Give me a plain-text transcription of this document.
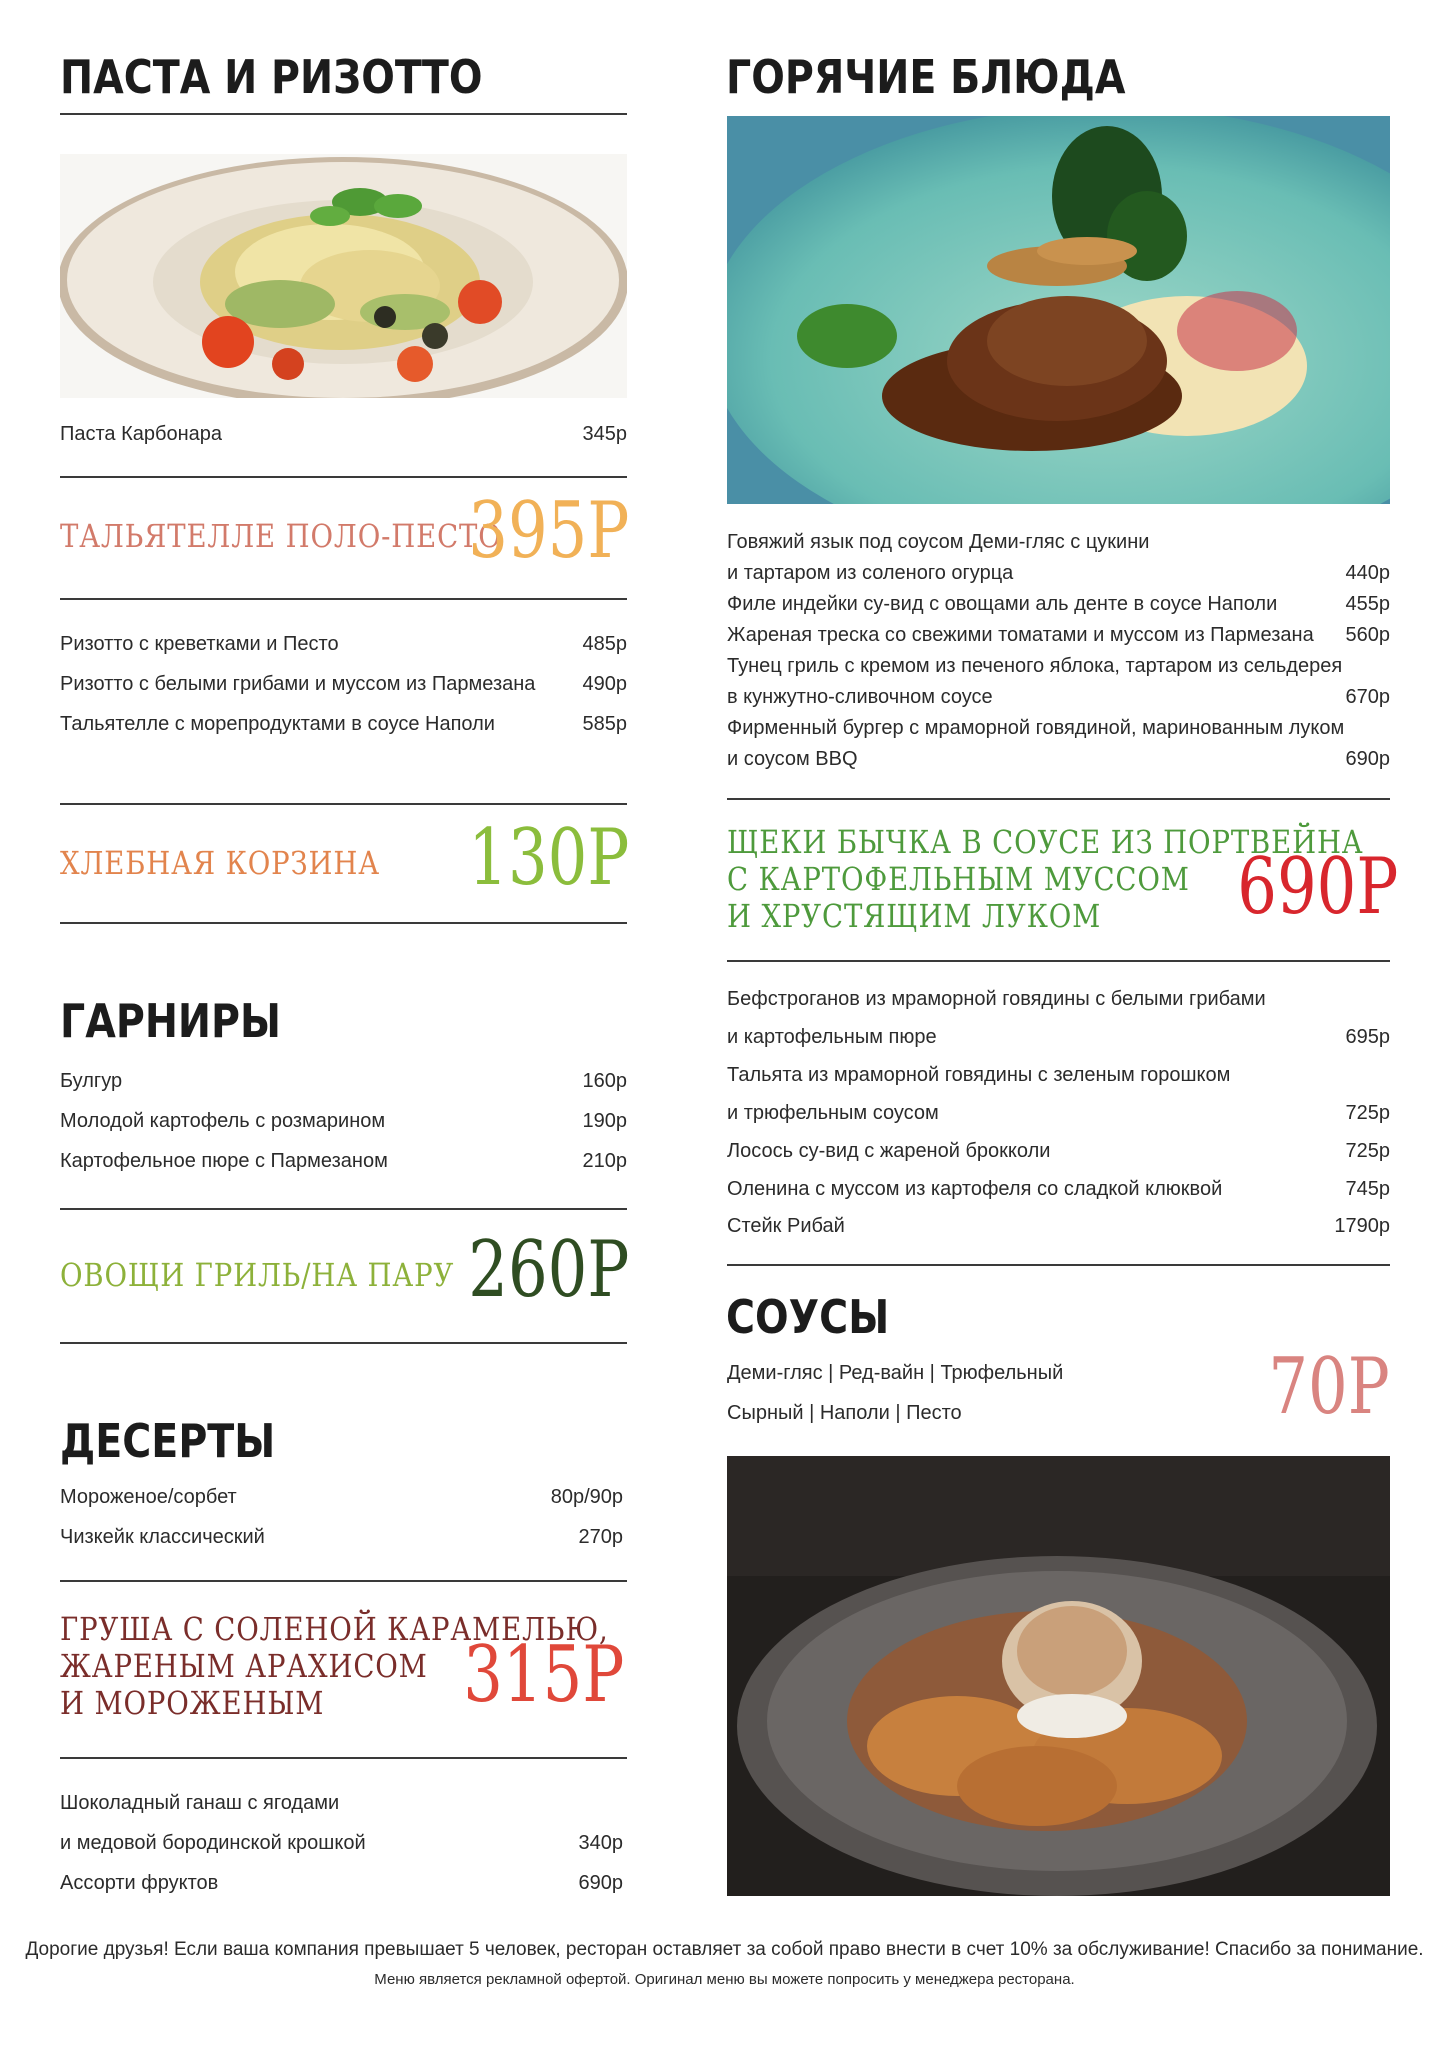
ПАСТА И РИЗОТТО
Паста Карбонара	345р
ТАЛЬЯТЕЛЛЕ ПОЛО-ПЕСТО
395Р
Ризотто с креветками и Песто	485р
Ризотто с белыми грибами и муссом из Пармезана 490р
Тальятелле с морепродуктами в соусе Наполи	585р
ХЛЕБНАЯ КОРЗИНА 130Р
ГАРНИРЫ
Булгур	160р
Молодой картофель с розмарином	190р
Картофельное пюре с Пармезаном	210р
ОВОЩИ ГРИЛЬ/НА ПАРУ 260Р
ДЕСЕРТЫ
Мороженое/сорбет	80р/90р
Чизкейк классический	270р
ГРУША С СОЛЕНОЙ КАРАМЕЛЬЮ,
ЖАРЕНЫМ АРАХИСОМ
И МОРОЖЕНЫМ	315Р
Шоколадный ганаш с ягодами
и медовой бородинской крошкой	340р
Ассорти фруктов	690р
ГОРЯЧИЕ БЛЮДА
Говяжий язык под соусом Деми-гляс с цукини
и тартаром из соленого огурца	440р
Филе индейки су-вид с овощами аль денте в соусе Наполи	455р
Жареная треска со свежими томатами и муссом из Пармезана 560р
Тунец гриль с кремом из печеного яблока, тартаром из сельдерея
в кунжутно-сливочном соусе	670р
Фирменный бургер с мраморной говядиной, маринованным луком
и соусом BBQ	690р
ЩЕКИ БЫЧКА В СОУСЕ ИЗ ПОРТВЕЙНА
С КАРТОФЕЛЬНЫМ МУССОМ
И ХРУСТЯЩИМ ЛУКОМ	690Р
Бефстроганов из мраморной говядины с белыми грибами
и картофельным пюре	695р
Тальята из мраморной говядины с зеленым горошком
и трюфельным соусом	725р
Лосось су-вид с жареной брокколи	725р
Оленина с муссом из картофеля со сладкой клюквой	745р
Стейк Рибай	1790р
СОУСЫ
Деми-гляс | Ред-вайн | Трюфельный
Сырный | Наполи | Песто	70Р
Дорогие друзья! Если ваша компания превышает 5 человек, ресторан оставляет за собой право внести в счет 10% за обслуживание! Спасибо за понимание.
Меню является рекламной офертой. Оригинал меню вы можете попросить у менеджера ресторана.
